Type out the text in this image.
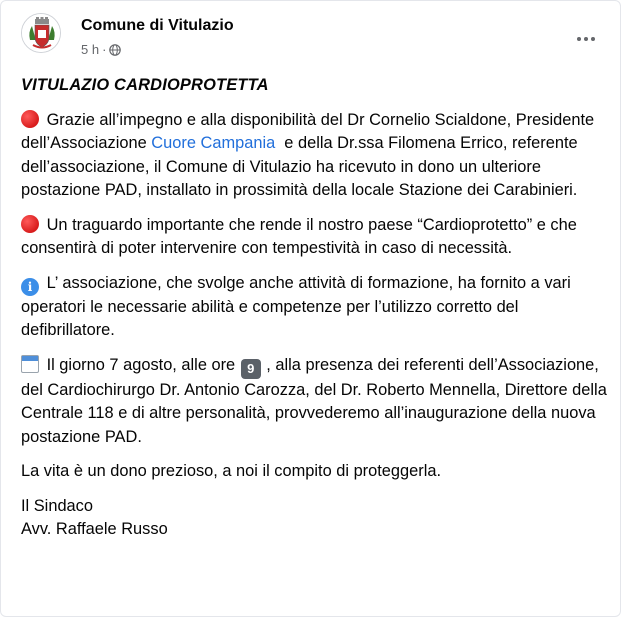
Comune di Vitulazio
5 h ·
VITULAZIO CARDIOPROTETTA
Grazie all’impegno e alla disponibilità del Dr Cornelio Scialdone, Presidente dell’Associazione Cuore Campania  e della Dr.ssa Filomena Errico, referente dell’associazione, il Comune di Vitulazio ha ricevuto in dono un ulteriore postazione PAD, installato in prossimità della locale Stazione dei Carabinieri.
Un traguardo importante che rende il nostro paese “Cardioprotetto” e che consentirà di poter intervenire con tempestività in caso di necessità.
i L’ associazione, che svolge anche attività di formazione, ha fornito a vari operatori le necessarie abilità e competenze per l’utilizzo corretto del defibrillatore.
Il giorno 7 agosto, alle ore 9 , alla presenza dei referenti dell’Associazione, del Cardiochirurgo Dr. Antonio Carozza, del Dr. Roberto Mennella, Direttore della Centrale 118 e di altre personalità, provvederemo all’inaugurazione della nuova postazione PAD.
La vita è un dono prezioso, a noi il compito di proteggerla.
Il Sindaco
Avv. Raffaele Russo
